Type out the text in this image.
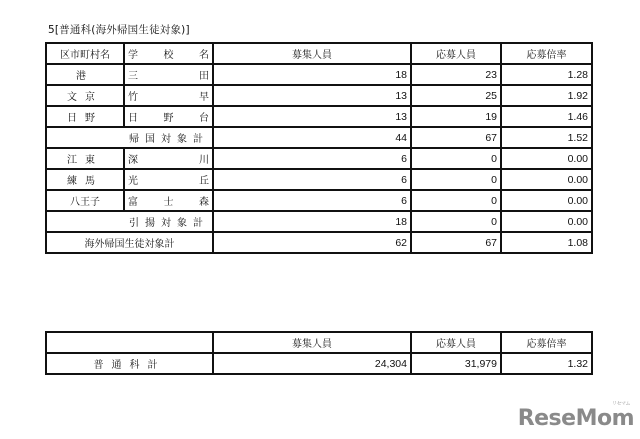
5[普通科(海外帰国生徒対象)]
区市町村名	学 校 名	募集人員	応募人員	応募倍率
港	三 田	18	23	1.28
文京	竹 早	13	25	1.92
日野	日 野 台	13	19	1.46
帰国対象計		44	67	1.52
江東	深 川	6	0	0.00
練馬	光 丘	6	0	0.00
八王子	富 士 森	6	0	0.00
引揚対象計		18	0	0.00
海外帰国生徒対象計		62	67	1.08
	募集人員	応募人員	応募倍率
普通科計	24,304	31,979	1.32
リセマム
ReseMom
